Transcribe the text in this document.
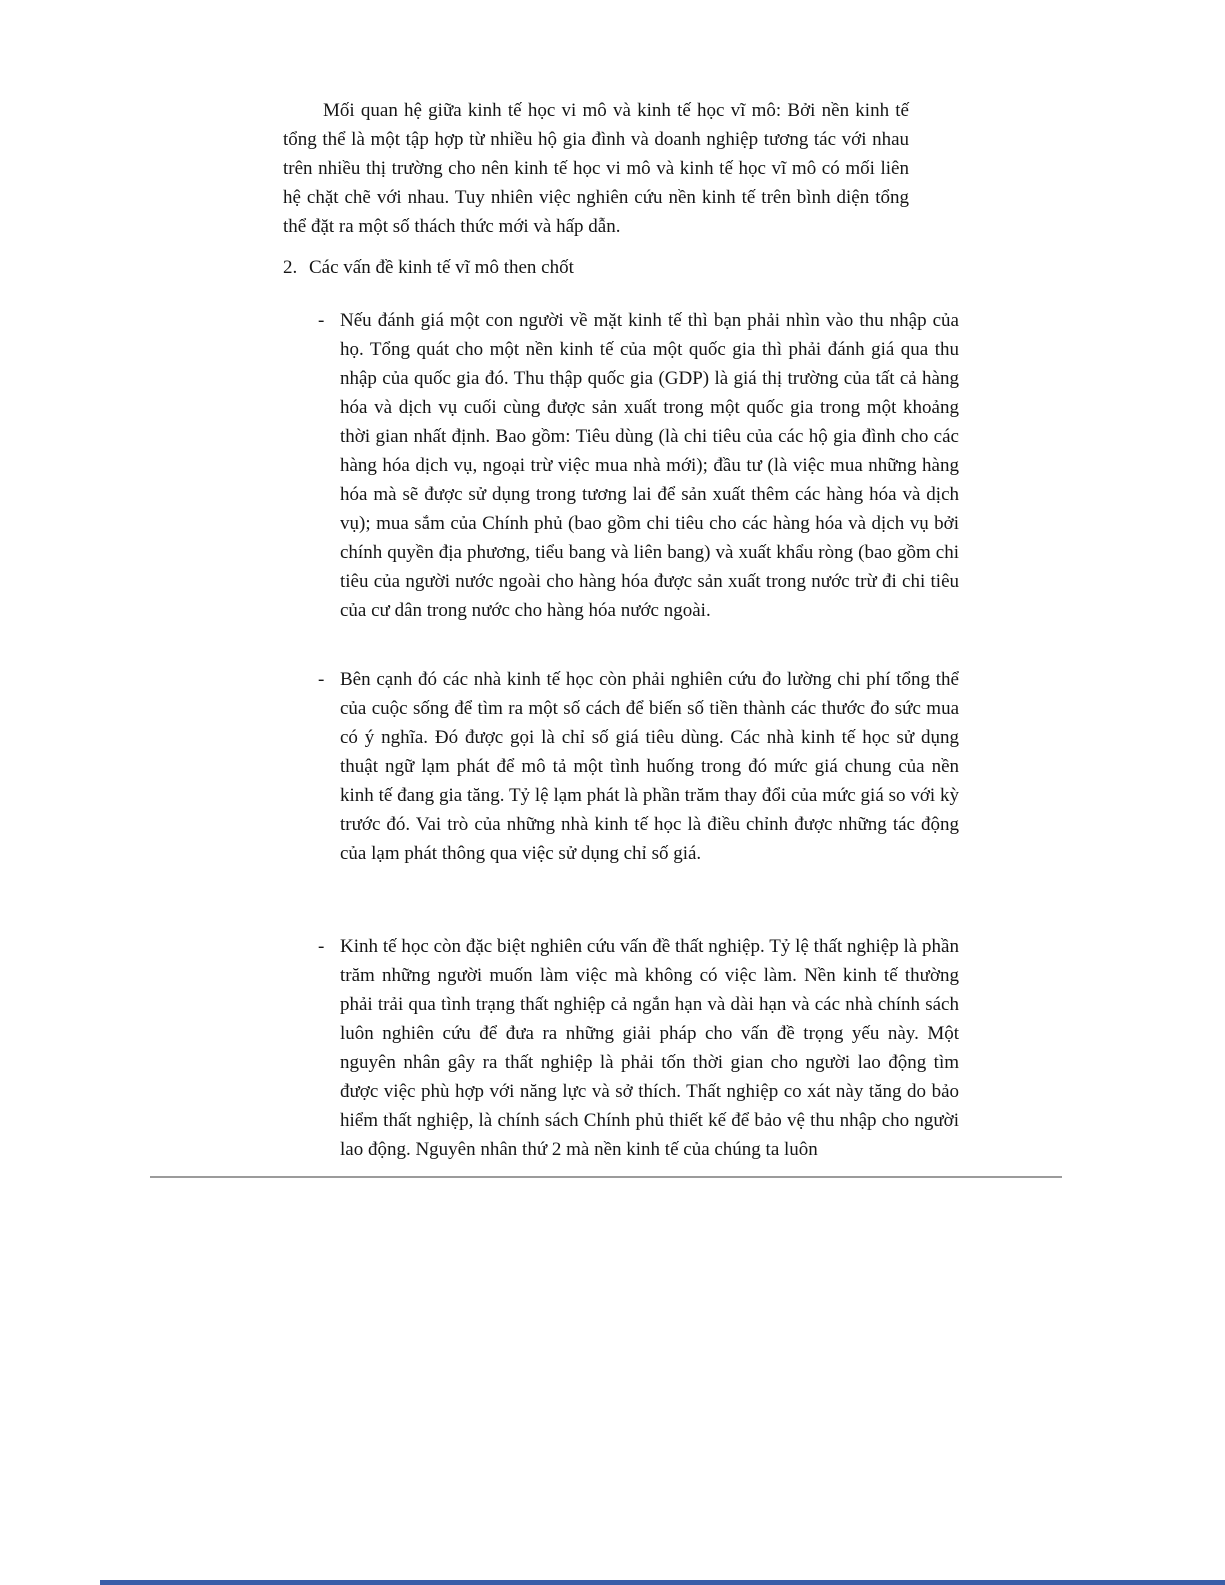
Mối quan hệ giữa kinh tế học vi mô và kinh tế học vĩ mô: Bởi nền kinh tế tổng thể là một tập hợp từ nhiều hộ gia đình và doanh nghiệp tương tác với nhau trên nhiều thị trường cho nên kinh tế học vi mô và kinh tế học vĩ mô có mối liên hệ chặt chẽ với nhau. Tuy nhiên việc nghiên cứu nền kinh tế trên bình diện tổng thể đặt ra một số thách thức mới và hấp dẫn.

2. Các vấn đề kinh tế vĩ mô then chốt
- Nếu đánh giá một con người về mặt kinh tế thì bạn phải nhìn vào thu nhập của họ. Tổng quát cho một nền kinh tế của một quốc gia thì phải đánh giá qua thu nhập của quốc gia đó. Thu thập quốc gia (GDP) là giá thị trường của tất cả hàng hóa và dịch vụ cuối cùng được sản xuất trong một quốc gia trong một khoảng thời gian nhất định. Bao gồm: Tiêu dùng (là chi tiêu của các hộ gia đình cho các hàng hóa dịch vụ, ngoại trừ việc mua nhà mới); đầu tư (là việc mua những hàng hóa mà sẽ được sử dụng trong tương lai để sản xuất thêm các hàng hóa và dịch vụ); mua sắm của Chính phủ (bao gồm chi tiêu cho các hàng hóa và dịch vụ bởi chính quyền địa phương, tiểu bang và liên bang) và xuất khẩu ròng (bao gồm chi tiêu của người nước ngoài cho hàng hóa được sản xuất trong nước trừ đi chi tiêu của cư dân trong nước cho hàng hóa nước ngoài.

- Bên cạnh đó các nhà kinh tế học còn phải nghiên cứu đo lường chi phí tổng thể của cuộc sống để tìm ra một số cách để biến số tiền thành các thước đo sức mua có ý nghĩa. Đó được gọi là chỉ số giá tiêu dùng. Các nhà kinh tế học sử dụng thuật ngữ lạm phát để mô tả một tình huống trong đó mức giá chung của nền kinh tế đang gia tăng. Tỷ lệ lạm phát là phần trăm thay đổi của mức giá so với kỳ trước đó. Vai trò của những nhà kinh tế học là điều chỉnh được những tác động của lạm phát thông qua việc sử dụng chỉ số giá.

- Kinh tế học còn đặc biệt nghiên cứu vấn đề thất nghiệp. Tỷ lệ thất nghiệp là phần trăm những người muốn làm việc mà không có việc làm. Nền kinh tế thường phải trải qua tình trạng thất nghiệp cả ngắn hạn và dài hạn và các nhà chính sách luôn nghiên cứu để đưa ra những giải pháp cho vấn đề trọng yếu này. Một nguyên nhân gây ra thất nghiệp là phải tốn thời gian cho người lao động tìm được việc phù hợp với năng lực và sở thích. Thất nghiệp co xát này tăng do bảo hiểm thất nghiệp, là chính sách Chính phủ thiết kế để bảo vệ thu nhập cho người lao động. Nguyên nhân thứ 2 mà nền kinh tế của chúng ta luôn
